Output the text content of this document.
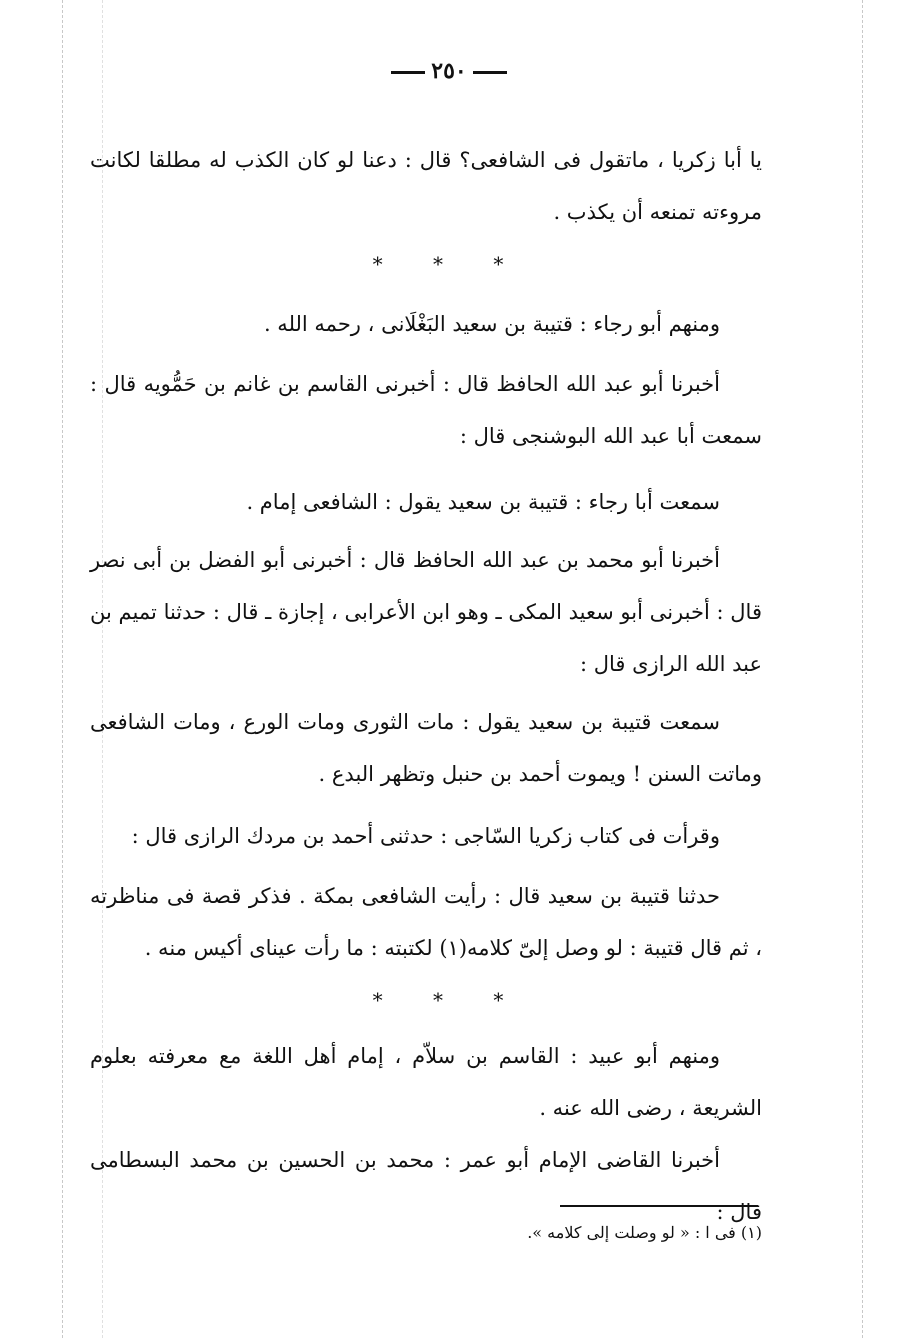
٢٥٠

يا أبا زكريا ، ماتقول فى الشافعى؟ قال : دعنا لو كان الكذب له مطلقا لكانت مروءته تمنعه أن يكذب .

* * *

ومنهم أبو رجاء : قتيبة بن سعيد البَغْلَانى ، رحمه الله .

أخبرنا أبو عبد الله الحافظ قال : أخبرنى القاسم بن غانم بن حَمُّويه قال : سمعت أبا عبد الله البوشنجى قال :

سمعت أبا رجاء : قتيبة بن سعيد يقول : الشافعى إمام .

أخبرنا أبو محمد بن عبد الله الحافظ قال : أخبرنى أبو الفضل بن أبى نصر قال : أخبرنى أبو سعيد المكى ـ وهو ابن الأعرابى ، إجازة ـ قال : حدثنا تميم بن عبد الله الرازى قال :

سمعت قتيبة بن سعيد يقول : مات الثورى ومات الورع ، ومات الشافعى وماتت السنن ! ويموت أحمد بن حنبل وتظهر البدع .

وقرأت فى كتاب زكريا السّاجى : حدثنى أحمد بن مردك الرازى قال :

حدثنا قتيبة بن سعيد قال : رأيت الشافعى بمكة . فذكر قصة فى مناظرته ، ثم قال قتيبة : لو وصل إلىّ كلامه(١) لكتبته : ما رأت عيناى أكيس منه .

* * *

ومنهم أبو عبيد : القاسم بن سلاّم ، إمام أهل اللغة مع معرفته بعلوم الشريعة ، رضى الله عنه .

أخبرنا القاضى الإمام أبو عمر : محمد بن الحسين بن محمد البسطامى قال :

(١) فى ا : « لو وصلت إلى كلامه ».
